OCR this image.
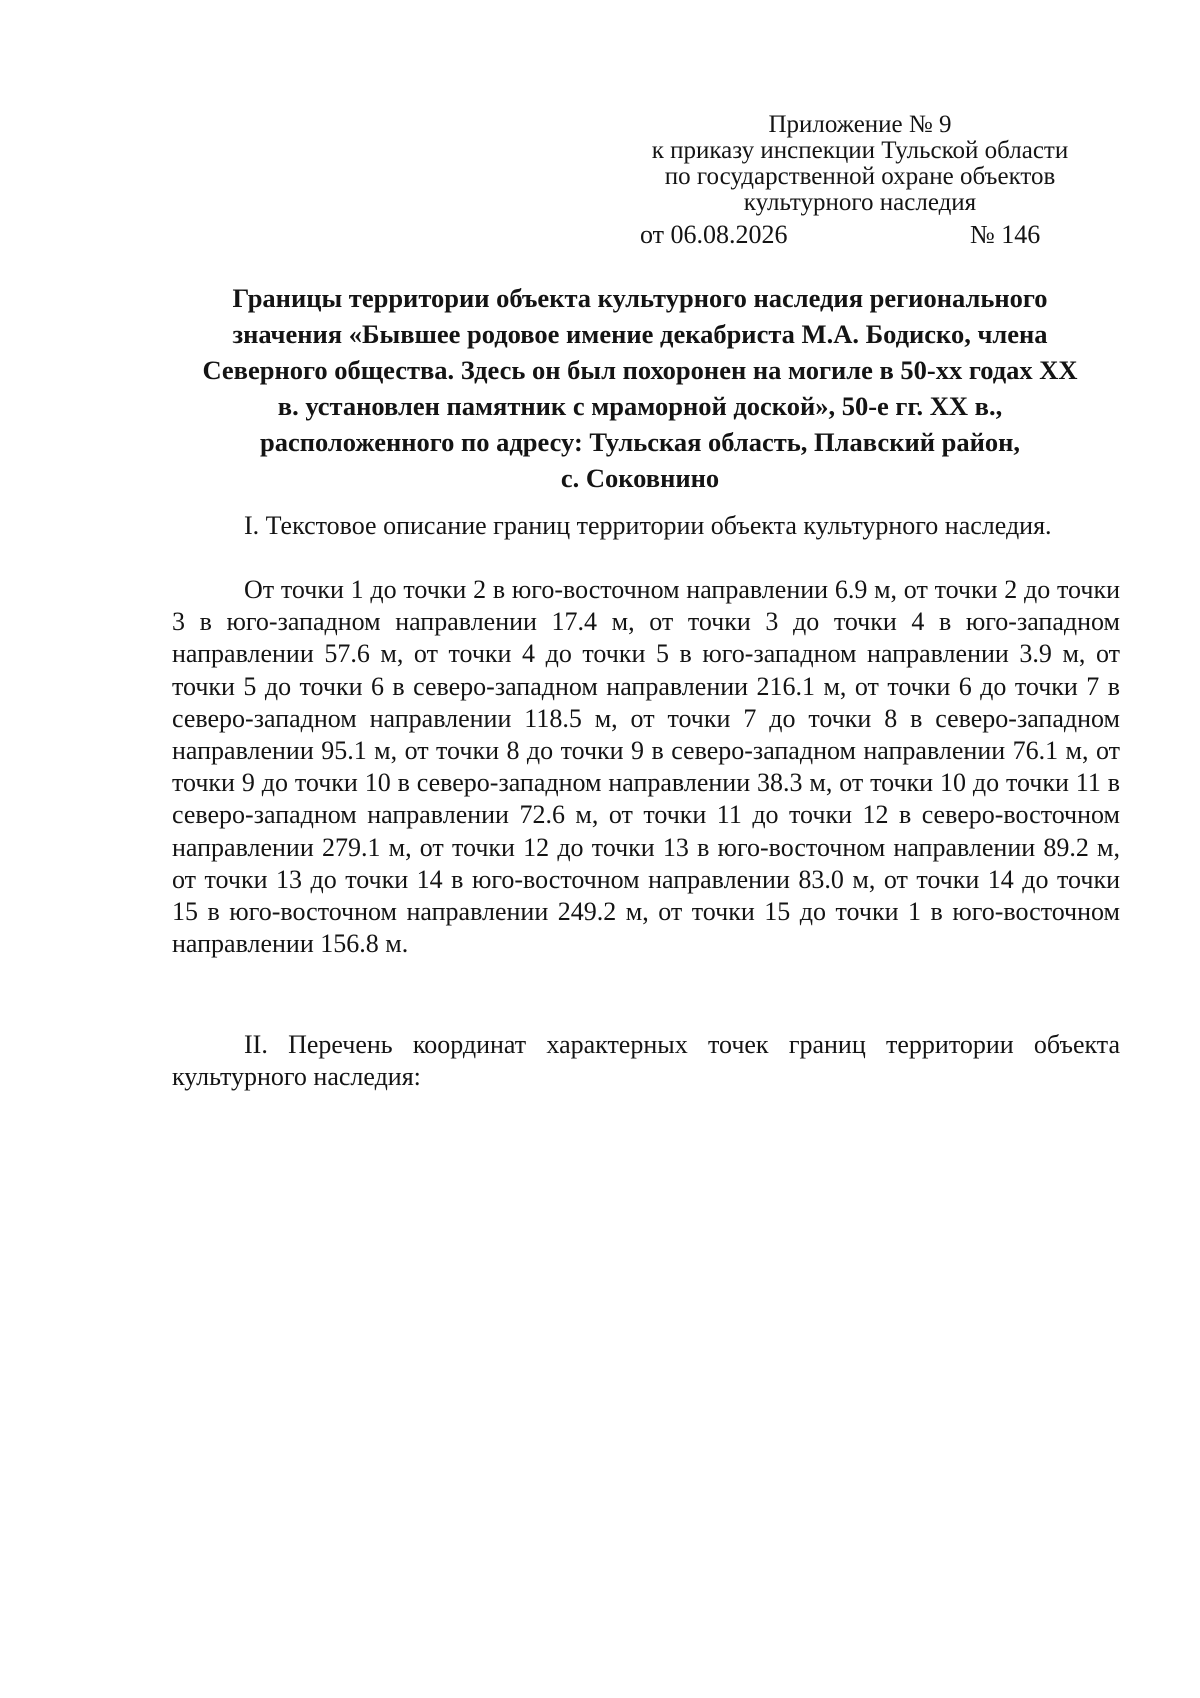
Приложение № 9
к приказу инспекции Тульской области
по государственной охране объектов
культурного наследия
от 06.08.2026	№ 146
Границы территории объекта культурного наследия регионального
значения «Бывшее родовое имение декабриста М.А. Бодиско, члена
Северного общества. Здесь он был похоронен на могиле в 50-хх годах XX
в. установлен памятник с мраморной доской», 50-е гг. XX в.,
расположенного по адресу: Тульская область, Плавский район,
с. Соковнино

I. Текстовое описание границ территории объекта культурного наследия.

От точки 1 до точки 2 в юго-восточном направлении 6.9 м, от точки 2 до точки 3 в юго-западном направлении 17.4 м, от точки 3 до точки 4 в юго-западном направлении 57.6 м, от точки 4 до точки 5 в юго-западном направлении 3.9 м, от точки 5 до точки 6 в северо-западном направлении 216.1 м, от точки 6 до точки 7 в северо-западном направлении 118.5 м, от точки 7 до точки 8 в северо-западном направлении 95.1 м, от точки 8 до точки 9 в северо-западном направлении 76.1 м, от точки 9 до точки 10 в северо-западном направлении 38.3 м, от точки 10 до точки 11 в северо-западном направлении 72.6 м, от точки 11 до точки 12 в северо-восточном направлении 279.1 м, от точки 12 до точки 13 в юго-восточном направлении 89.2 м, от точки 13 до точки 14 в юго-восточном направлении 83.0 м, от точки 14 до точки 15 в юго-восточном направлении 249.2 м, от точки 15 до точки 1 в юго-восточном направлении 156.8 м.

II. Перечень координат характерных точек границ территории объекта культурного наследия:
